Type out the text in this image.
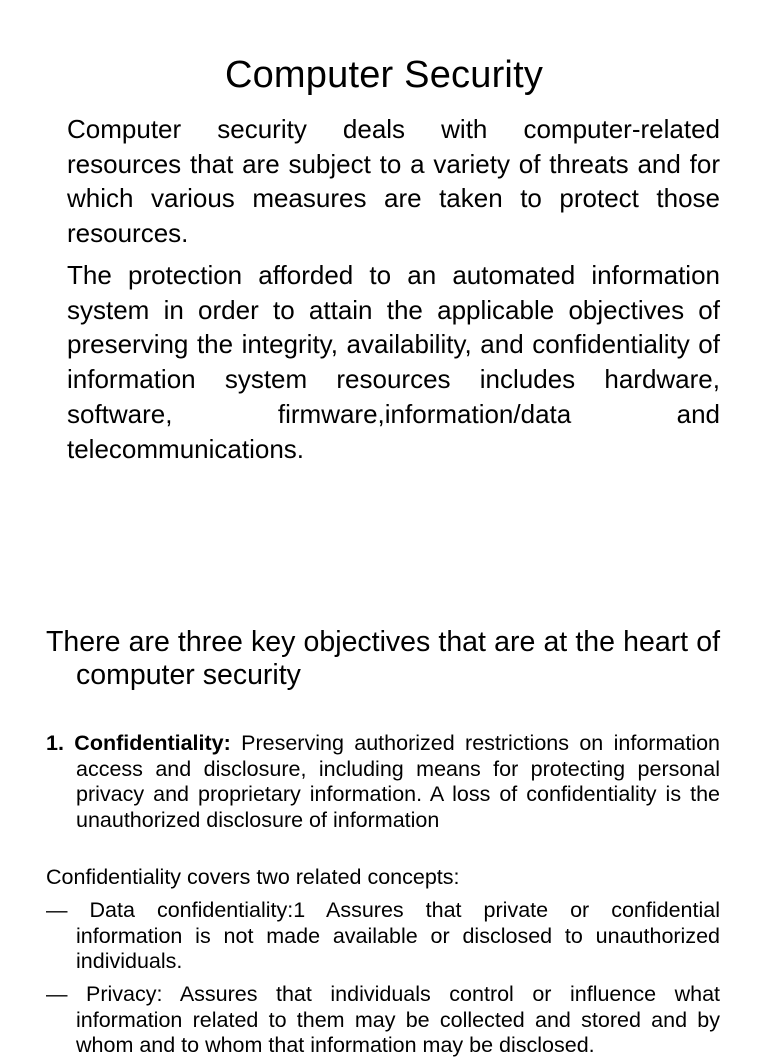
Computer Security
Computer security deals with computer-related resources that are subject to a variety of threats and for which various measures are taken to protect those resources.
The protection afforded to an automated information system in order to attain the applicable objectives of preserving the integrity, availability, and confidentiality of information system resources includes hardware, software, firmware,information/data and telecommunications.
There are three key objectives that are at the heart of computer security
1. Confidentiality: Preserving authorized restrictions on information access and disclosure, including means for protecting personal privacy and proprietary information. A loss of confidentiality is the unauthorized disclosure of information
Confidentiality covers two related concepts:
— Data confidentiality:1 Assures that private or confidential information is not made available or disclosed to unauthorized individuals.
— Privacy: Assures that individuals control or influence what information related to them may be collected and stored and by whom and to whom that information may be disclosed.
